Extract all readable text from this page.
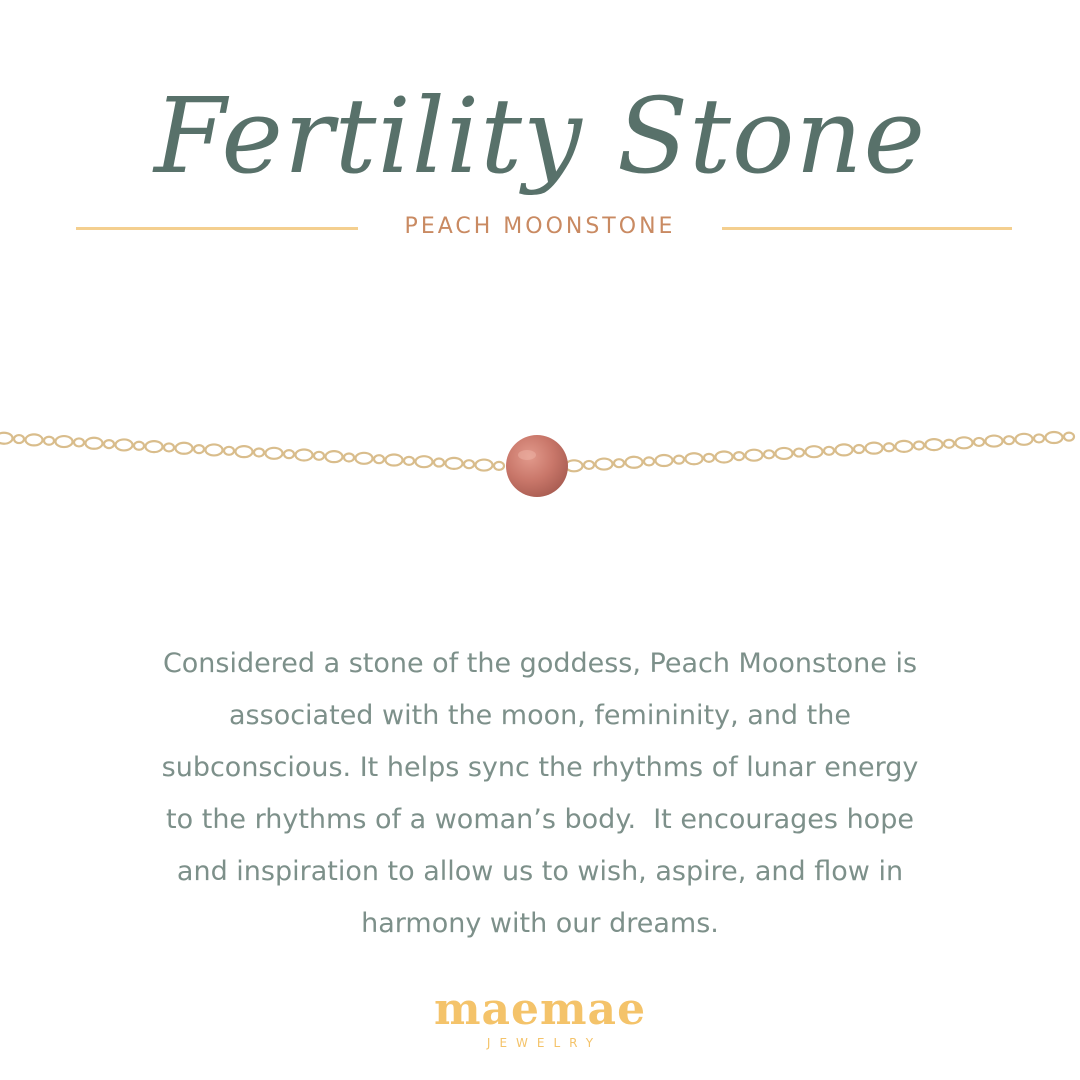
Fertility Stone
PEACH MOONSTONE
Considered a stone of the goddess, Peach Moonstone is
associated with the moon, femininity, and the
subconscious. It helps sync the rhythms of lunar energy
to the rhythms of a woman’s body.  It encourages hope
and inspiration to allow us to wish, aspire, and flow in
harmony with our dreams.
maemae
JEWELRY
